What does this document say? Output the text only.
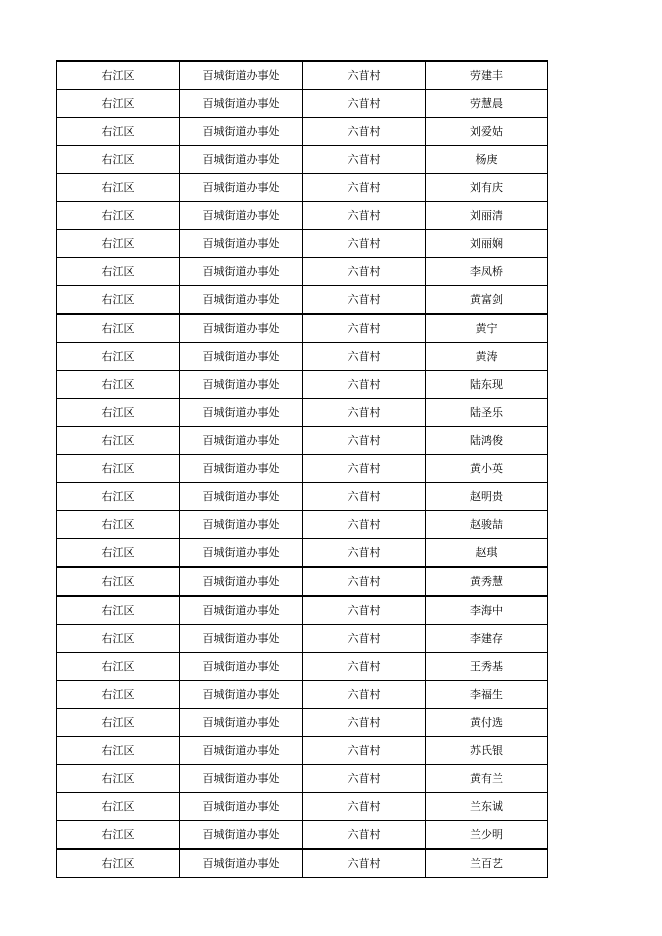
右江区	百城街道办事处	六苜村	劳建丰
右江区	百城街道办事处	六苜村	劳慧晨
右江区	百城街道办事处	六苜村	刘爱姑
右江区	百城街道办事处	六苜村	杨庚
右江区	百城街道办事处	六苜村	刘有庆
右江区	百城街道办事处	六苜村	刘丽清
右江区	百城街道办事处	六苜村	刘丽娴
右江区	百城街道办事处	六苜村	李凤桥
右江区	百城街道办事处	六苜村	黄富剑
右江区	百城街道办事处	六苜村	黄宁
右江区	百城街道办事处	六苜村	黄涛
右江区	百城街道办事处	六苜村	陆东现
右江区	百城街道办事处	六苜村	陆圣乐
右江区	百城街道办事处	六苜村	陆鸿俊
右江区	百城街道办事处	六苜村	黄小英
右江区	百城街道办事处	六苜村	赵明贵
右江区	百城街道办事处	六苜村	赵骏喆
右江区	百城街道办事处	六苜村	赵琪
右江区	百城街道办事处	六苜村	黄秀慧
右江区	百城街道办事处	六苜村	李海中
右江区	百城街道办事处	六苜村	李建存
右江区	百城街道办事处	六苜村	王秀基
右江区	百城街道办事处	六苜村	李福生
右江区	百城街道办事处	六苜村	黄付选
右江区	百城街道办事处	六苜村	苏氏银
右江区	百城街道办事处	六苜村	黄有兰
右江区	百城街道办事处	六苜村	兰东诚
右江区	百城街道办事处	六苜村	兰少明
右江区	百城街道办事处	六苜村	兰百艺
